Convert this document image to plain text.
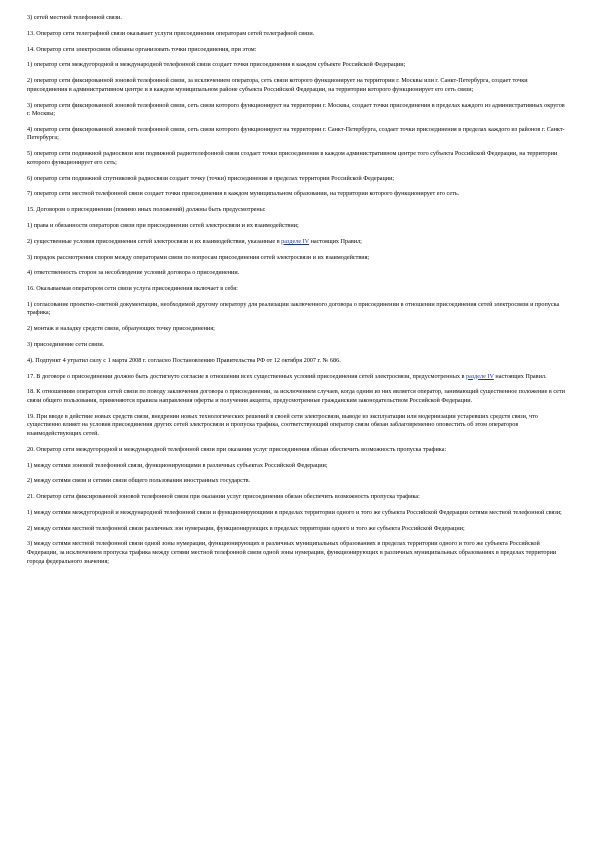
3) сетей местной телефонной связи.

13. Оператор сети телеграфной связи оказывает услуги присоединения операторам сетей телеграфной связи.

14. Оператор сети электросвязи обязаны организовать точки присоединения, при этом:

1) оператор сети междугородной и международной телефонной связи создает точки присоединения в каждом субъекте Российской Федерации;

2) оператор сети фиксированной зоновой телефонной связи, за исключением оператора, сеть связи которого функционирует на территории г. Москвы или г. Санкт-Петербурга, создает точки присоединения в административном центре и в каждом муниципальном районе субъекта Российской Федерации, на территории которого функционирует его сеть связи;

3) оператор сети фиксированной зоновой телефонной связи, сеть связи которого функционирует на территории г. Москвы, создает точки присоединения в пределах каждого из административных округов г. Москвы;

4) оператор сети фиксированной зоновой телефонной связи, сеть связи которого функционирует на территории г. Санкт-Петербурга, создает точки присоединения в пределах каждого из районов г. Санкт-Петербурга;

5) оператор сети подвижной радиосвязи или подвижной радиотелефонной связи создает точки присоединения в каждом административном центре того субъекта Российской Федерации, на территории которого функционирует его сеть;

6) оператор сети подвижной спутниковой радиосвязи создает точку (точки) присоединения в пределах территории Российской Федерации;

7) оператор сети местной телефонной связи создает точки присоединения в каждом муниципальном образовании, на территории которого функционирует его сеть.

15. Договором о присоединении (помимо иных положений) должны быть предусмотрены:

1) права и обязанности операторов связи при присоединении сетей электросвязи и их взаимодействии;

2) существенные условия присоединения сетей электросвязи и их взаимодействия, указанные в разделе IV настоящих Правил;

3) порядок рассмотрения споров между операторами связи по вопросам присоединения сетей электросвязи и их взаимодействия;

4) ответственность сторон за несоблюдение условий договора о присоединении.

16. Оказываемая оператором сети связи услуга присоединения включает в себя:

1) согласование проектно-сметной документации, необходимой другому оператору для реализации заключенного договора о присоединении в отношении присоединения сетей электросвязи и пропуска трафика;

2) монтаж и наладку средств связи, образующих точку присоединения;

3) присоединение сети связи.

4). Подпункт 4 утратил силу с 1 марта 2008 г. согласно Постановлению Правительства РФ от 12 октября 2007 г. № 686.

17. В договоре о присоединении должно быть достигнуто согласие в отношении всех существенных условий присоединения сетей электросвязи, предусмотренных в разделе IV настоящих Правил.

18. К отношениям операторов сетей связи по поводу заключения договора о присоединении, за исключением случаев, когда одним из них является оператор, занимающий существенное положение в сети связи общего пользования, применяются правила направления оферты и получения акцепта, предусмотренные гражданским законодательством Российской Федерации.

19. При вводе в действие новых средств связи, внедрении новых технологических решений в своей сети электросвязи, выводе из эксплуатации или модернизации устаревших средств связи, что существенно влияет на условия присоединения других сетей электросвязи и пропуска трафика, соответствующий оператор связи обязан заблаговременно оповестить об этом операторов взаимодействующих сетей.

20. Оператор сети междугородной и международной телефонной связи при оказании услуг присоединения обязан обеспечить возможность пропуска трафика:

1) между сетями зоновой телефонной связи, функционирующими в различных субъектах Российской Федерации;

2) между сетями связи и сетями связи общего пользования иностранных государств.

21. Оператор сети фиксированной зоновой телефонной связи при оказании услуг присоединения обязан обеспечить возможность пропуска трафика:

1) между сетями междугородной и международной телефонной связи и функционирующими в пределах территории одного и того же субъекта Российской Федерации сетями местной телефонной связи;

2) между сетями местной телефонной связи различных зон нумерации, функционирующих в пределах территории одного и того же субъекта Российской Федерации;

3) между сетями местной телефонной связи одной зоны нумерации, функционирующих в различных муниципальных образованиях в пределах территории одного и того же субъекта Российской Федерации, за исключением пропуска трафика между сетями местной телефонной связи одной зоны нумерации, функционирующих в различных муниципальных образованиях в пределах территории города федерального значения;
